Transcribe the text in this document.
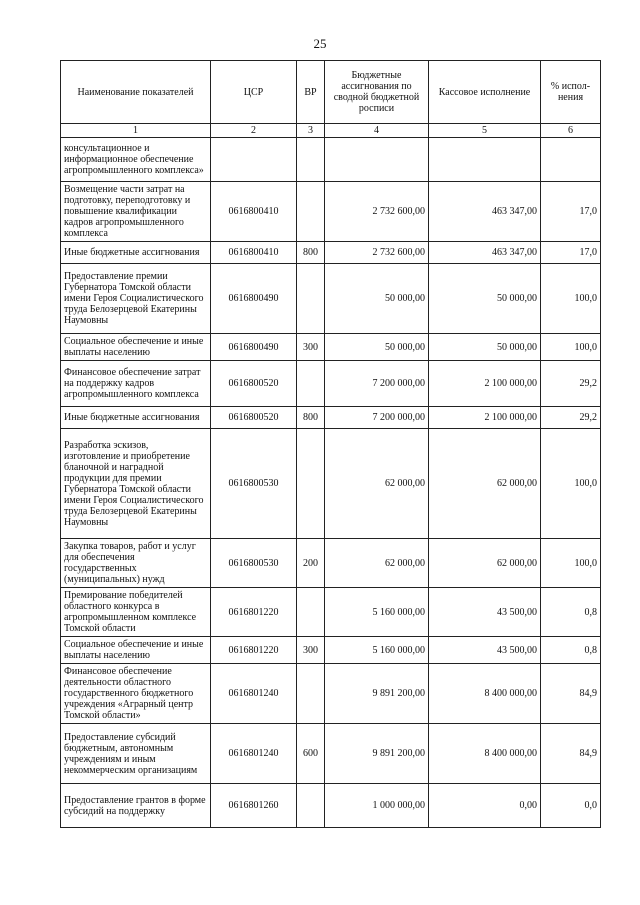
25
Наименование показателей	ЦСР	ВР	Бюджетные ассигнования по сводной бюджетной росписи	Кассовое исполнение	% испол-нения
1	2	3	4	5	6
консультационное и информационное обеспечение агропромышленного комплекса»					
Возмещение части затрат на подготовку, переподготовку и повышение квалификации кадров агропромышленного комплекса	0616800410		2 732 600,00	463 347,00	17,0
Иные бюджетные ассигнования	0616800410	800	2 732 600,00	463 347,00	17,0
Предоставление премии Губернатора Томской области имени Героя Социалистического труда Белозерцевой Екатерины Наумовны	0616800490		50 000,00	50 000,00	100,0
Социальное обеспечение и иные выплаты населению	0616800490	300	50 000,00	50 000,00	100,0
Финансовое обеспечение затрат на поддержку кадров агропромышленного комплекса	0616800520		7 200 000,00	2 100 000,00	29,2
Иные бюджетные ассигнования	0616800520	800	7 200 000,00	2 100 000,00	29,2
Разработка эскизов, изготовление и приобретение бланочной и наградной продукции для премии Губернатора Томской области имени Героя Социалистического труда Белозерцевой Екатерины Наумовны	0616800530		62 000,00	62 000,00	100,0
Закупка товаров, работ и услуг для обеспечения государственных (муниципальных) нужд	0616800530	200	62 000,00	62 000,00	100,0
Премирование победителей областного конкурса в агропромышленном комплексе Томской области	0616801220		5 160 000,00	43 500,00	0,8
Социальное обеспечение и иные выплаты населению	0616801220	300	5 160 000,00	43 500,00	0,8
Финансовое обеспечение деятельности областного государственного бюджетного учреждения «Аграрный центр Томской области»	0616801240		9 891 200,00	8 400 000,00	84,9
Предоставление субсидий бюджетным, автономным учреждениям и иным некоммерческим организациям	0616801240	600	9 891 200,00	8 400 000,00	84,9
Предоставление грантов в форме субсидий на поддержку	0616801260		1 000 000,00	0,00	0,0
